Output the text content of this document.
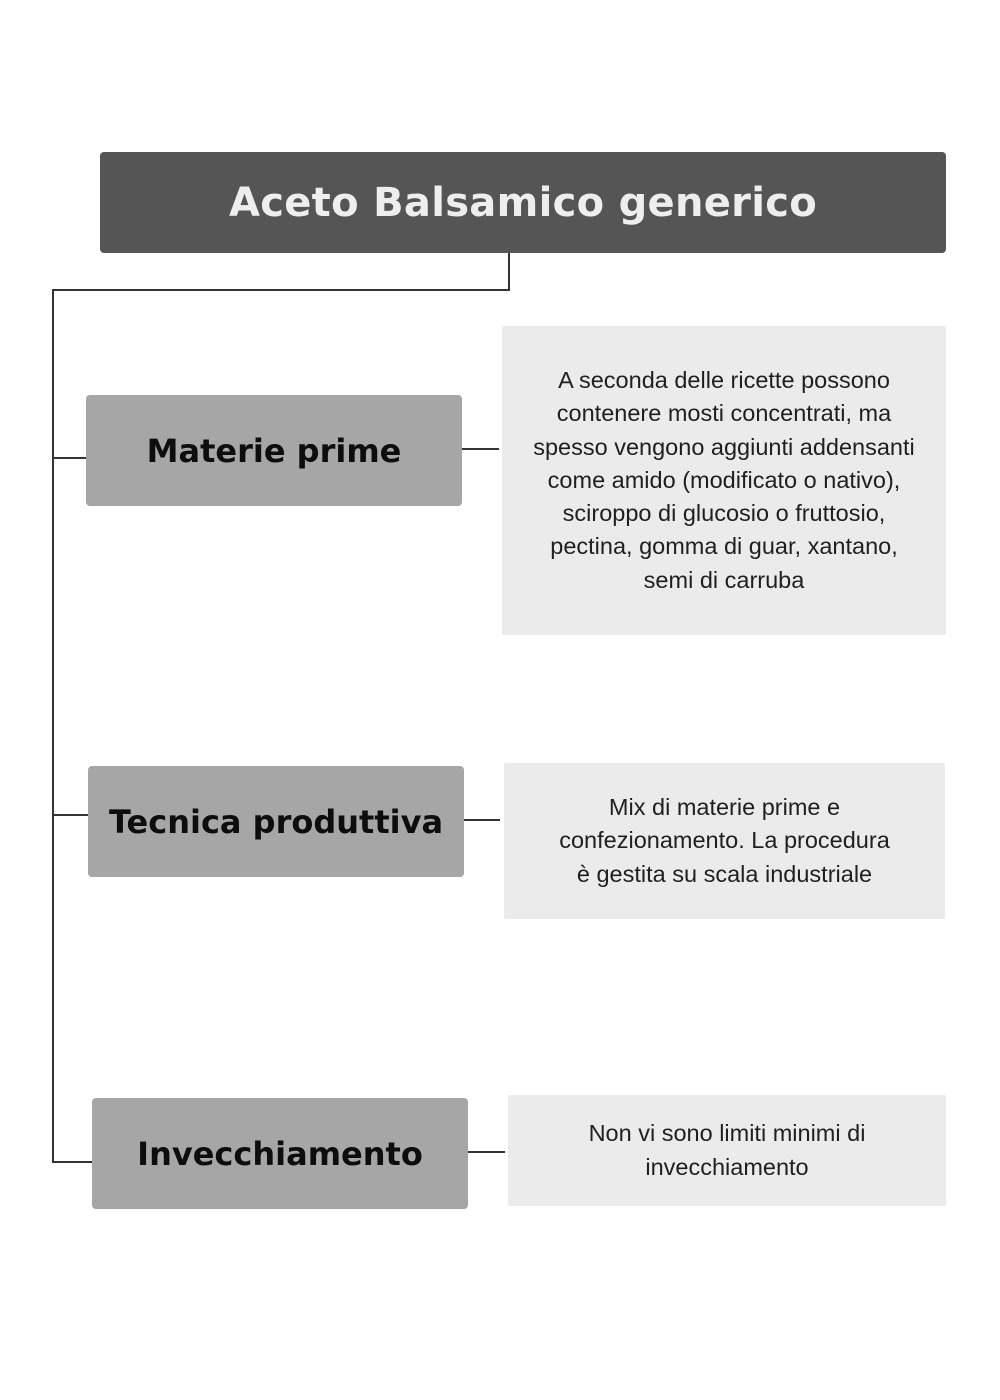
Aceto Balsamico generico
Materie prime
A seconda delle ricette possono contenere mosti concentrati, ma spesso vengono aggiunti addensanti come amido (modificato o nativo), sciroppo di glucosio o fruttosio, pectina, gomma di guar, xantano, semi di carruba
Tecnica produttiva	Mix di materie prime e confezionamento. La procedura è gestita su scala industriale
Invecchiamento
Non vi sono limiti minimi di invecchiamento
